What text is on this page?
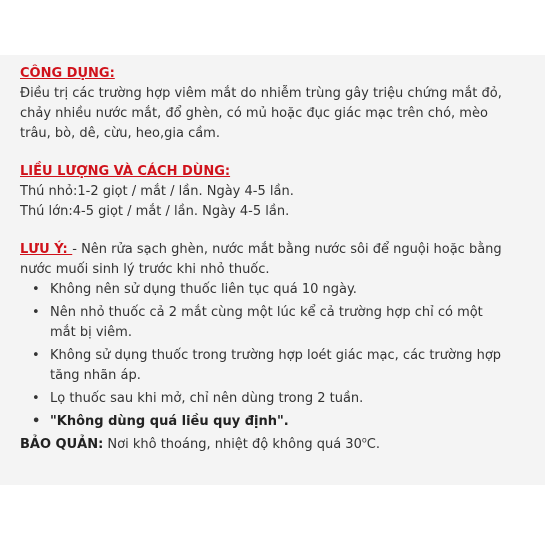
CÔNG DỤNG:

Điều trị các trường hợp viêm mắt do nhiễm trùng gây triệu chứng mắt đỏ, chảy nhiều nước mắt, đổ ghèn, có mủ hoặc đục giác mạc trên chó, mèo trâu, bò, dê, cừu, heo,gia cầm.

LIỀU LƯỢNG VÀ CÁCH DÙNG:
Thú nhỏ:1-2 giọt / mắt / lần. Ngày 4-5 lần.
Thú lớn:4-5 giọt / mắt / lần. Ngày 4-5 lần.

LƯU Ý: - Nên rửa sạch ghèn, nước mắt bằng nước sôi để nguội hoặc bằng nước muối sinh lý trước khi nhỏ thuốc.

• Không nên sử dụng thuốc liên tục quá 10 ngày.
• Nên nhỏ thuốc cả 2 mắt cùng một lúc kể cả trường hợp chỉ có một mắt bị viêm.
• Không sử dụng thuốc trong trường hợp loét giác mạc, các trường hợp tăng nhãn áp.
• Lọ thuốc sau khi mở, chỉ nên dùng trong 2 tuần.
• "Không dùng quá liều quy định".

BẢO QUẢN: Nơi khô thoáng, nhiệt độ không quá 30$^o$C.
